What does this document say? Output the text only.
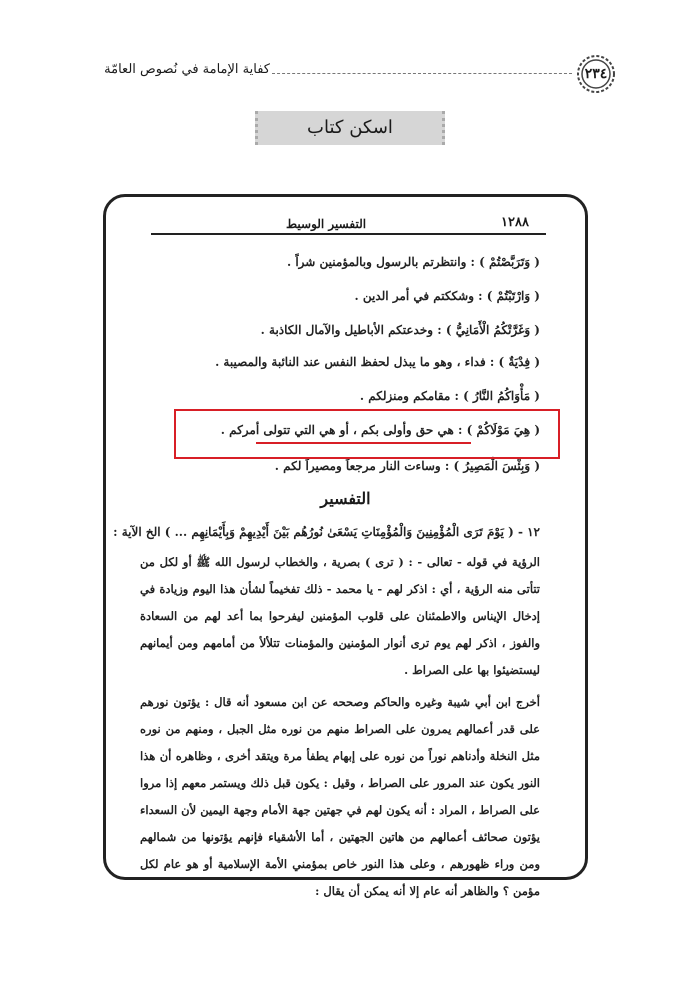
كفاية الإمامة في نُصوص العامّة	٢٣٤
اسكن كتاب
التفسير الوسيط	١٢٨٨
( وَتَرَبَّصْتُمْ ) : وانتظرتم بالرسول وبالمؤمنين شراً .
( وَارْتَبْتُمْ ) : وشككتم في أمر الدين .
( وَغَرَّتْكُمُ الْأَمَانِيُّ ) : وخدعتكم الأباطيل والآمال الكاذبة .
( فِدْيَةٌ ) : فداء ، وهو ما يبذل لحفظ النفس عند النائبة والمصيبة .
( مَأْوَاكُمُ النَّارُ ) : مقامكم ومنزلكم .
( هِيَ مَوْلَاكُمْ ) : هي حق وأولى بكم ، أو هي التي تتولى أمركم .
( وَبِئْسَ الْمَصِيرُ ) : وساءت النار مرجعاً ومصيراً لكم .
التفسير
١٢ - ( يَوْمَ تَرَى الْمُؤْمِنِينَ وَالْمُؤْمِنَاتِ يَسْعَىٰ نُورُهُم بَيْنَ أَيْدِيهِمْ وَبِأَيْمَانِهِم ... ) الخ الآية :
الرؤية في قوله - تعالى - : ( ترى ) بصرية ، والخطاب لرسول الله ﷺ أو لكل من تتأتى منه الرؤية ، أي : اذكر لهم - يا محمد - ذلك تفخيماً لشأن هذا اليوم وزيادة في إدخال الإيناس والاطمئنان على قلوب المؤمنين ليفرحوا بما أعد لهم من السعادة والفوز ، اذكر لهم يوم ترى أنوار المؤمنين والمؤمنات تتلألأ من أمامهم ومن أيمانهم ليستضيئوا بها على الصراط .
أخرج ابن أبي شيبة وغيره والحاكم وصححه عن ابن مسعود أنه قال : يؤتون نورهم على قدر أعمالهم يمرون على الصراط منهم من نوره مثل الجبل ، ومنهم من نوره مثل النخلة وأدناهم نوراً من نوره على إبهام يطفأ مرة ويتقد أخرى ، وظاهره أن هذا النور يكون عند المرور على الصراط ، وقيل : يكون قبل ذلك ويستمر معهم إذا مروا على الصراط ، المراد : أنه يكون لهم في جهتين جهة الأمام وجهة اليمين لأن السعداء يؤتون صحائف أعمالهم من هاتين الجهتين ، أما الأشقياء فإنهم يؤتونها من شمالهم ومن وراء ظهورهم ، وعلى هذا النور خاص بمؤمني الأمة الإسلامية أو هو عام لكل مؤمن ؟ والظاهر أنه عام إلا أنه يمكن أن يقال :
